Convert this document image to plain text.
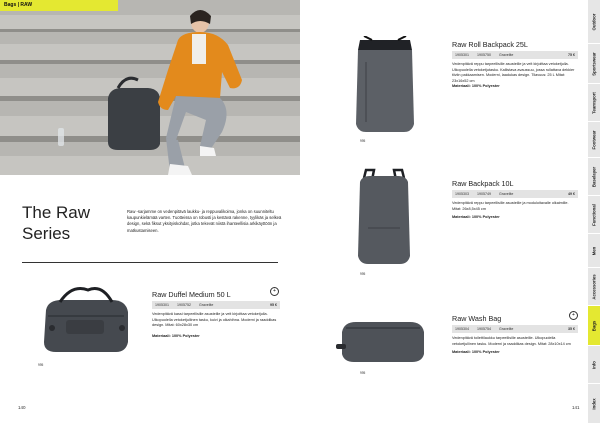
Bags | RAW
The Raw
Series
Raw -sarjamme on vedenpitävä laukku- ja reppuvalikoima, jonka on suunniteltu kaupunkielämää varten. Tuotteissa on robusti ja kestävä rakenne, tyylikäs ja selkeä design, sekä fiksut yksityiskohdat, jotka tekevät niistä ihanteellisia arkikäyttöön ja matkustamiseen.
995
Raw Duffel Medium 50 L	+
1905301 1905752 Gravelite	95 €
Vedenpitävä kassi tarpeellisille asusteille ja veit kirjoittaa vetoketjulla. Ulkopuolella vetoketjullinen tasku, kuivi ja olkahihna. Moderni ja raaddikas design. Mitat: 60x28x30 cm
Materiaali: 100% Polyester
140
995
Raw Roll Backpack 25L
1905301 1905750 Gravelite	75 €
Vedenpitävä reppu tarpeellisille asusteille ja veit kirjoittaa vetoketjulla. Ulkopuolella vetoketjutasku. Kallistava avaussuu, jossa rullattava dekkier tiiviin pakkaamisen. Moderni, laadukas design. Tilavuus: 25 L Mitat: 23x16x52 cm
Materiaali: 100% Polyester
995
Raw Backpack 10L
1905303 1905749 Gravelite	49 €
Vedenpitävä reppu tarpeellisille asusteille ja moduloitavalle olkaimille. Mitat: 26x8,5x45 cm
Materiaali: 100% Polyester
995
Raw Wash Bag	+
1905304 1905754 Gravelite	35 €
Vedenpitävä toilettilaukku tarpeellisille asusteille. Ulkopuolella vetoketjullinen tasku. Moderni ja raaddikas design. Mitat: 28x10x14 cm
Materiaali: 100% Polyester
141
Outdoor
Sportswear
Teamsport
Footwear
Baselayer
Functional
Men
Accessories
Bags
Info
Index
